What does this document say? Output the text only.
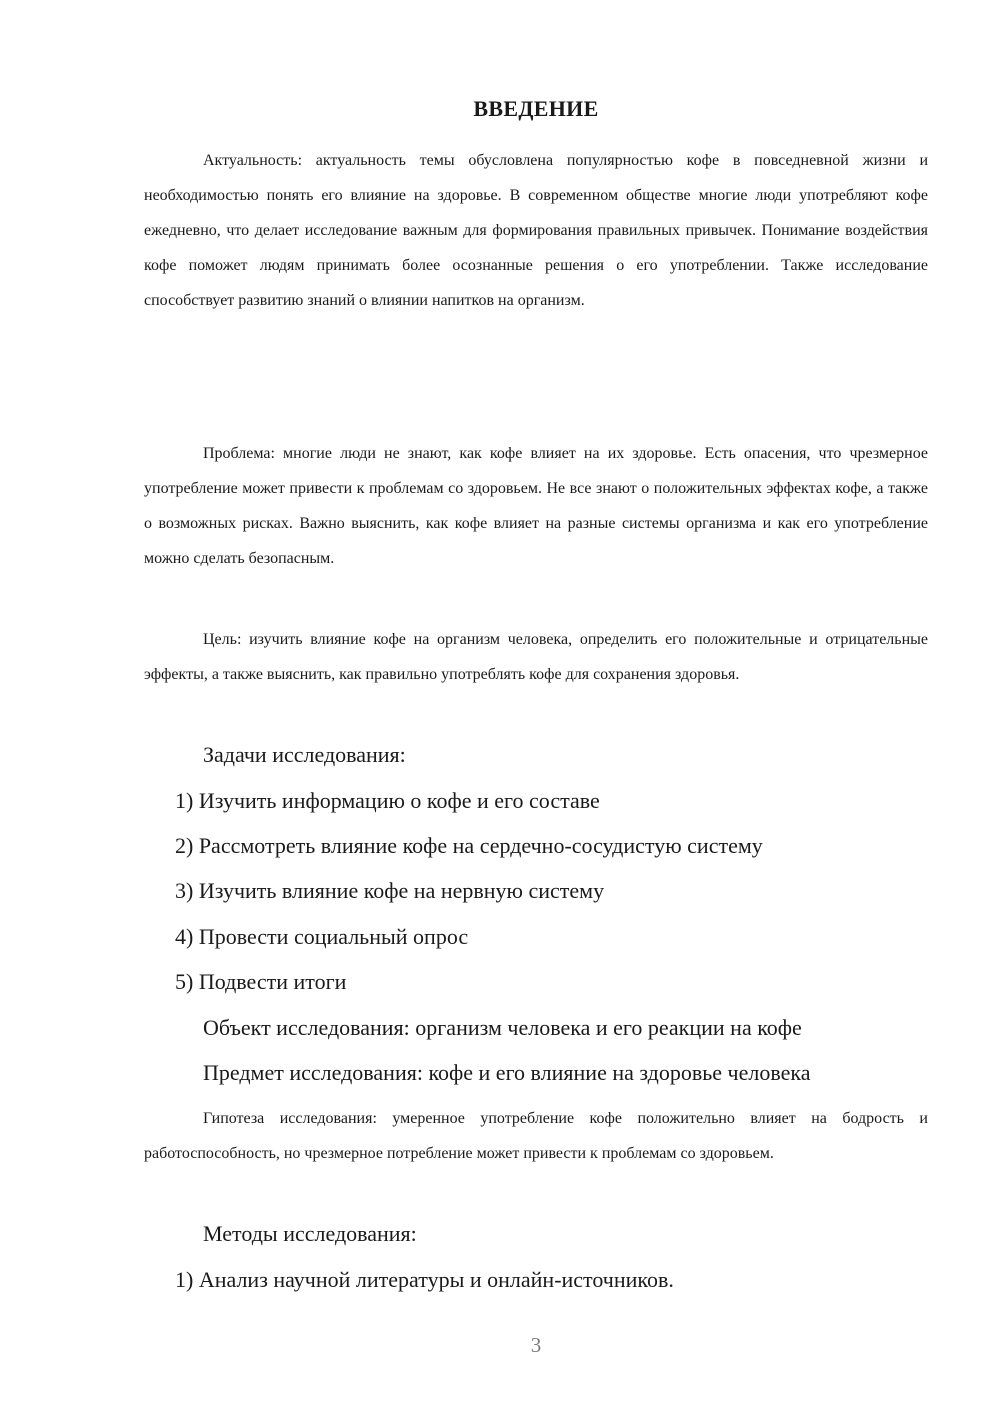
ВВЕДЕНИЕ

Актуальность: актуальность темы обусловлена популярностью кофе в повседневной жизни и необходимостью понять его влияние на здоровье. В современном обществе многие люди употребляют кофе ежедневно, что делает исследование важным для формирования правильных привычек. Понимание воздействия кофе поможет людям принимать более осознанные решения о его употреблении. Также исследование способствует развитию знаний о влиянии напитков на организм.

Проблема: многие люди не знают, как кофе влияет на их здоровье. Есть опасения, что чрезмерное употребление может привести к проблемам со здоровьем. Не все знают о положительных эффектах кофе, а также о возможных рисках. Важно выяснить, как кофе влияет на разные системы организма и как его употребление можно сделать безопасным.

Цель: изучить влияние кофе на организм человека, определить его положительные и отрицательные эффекты, а также выяснить, как правильно употреблять кофе для сохранения здоровья.

Задачи исследования:
1) Изучить информацию о кофе и его составе
2) Рассмотреть влияние кофе на сердечно-сосудистую систему
3) Изучить влияние кофе на нервную систему
4) Провести социальный опрос
5) Подвести итоги
Объект исследования: организм человека и его реакции на кофе
Предмет исследования: кофе и его влияние на здоровье человека

Гипотеза исследования: умеренное употребление кофе положительно влияет на бодрость и работоспособность, но чрезмерное потребление может привести к проблемам со здоровьем.

Методы исследования:
1) Анализ научной литературы и онлайн-источников.
3
